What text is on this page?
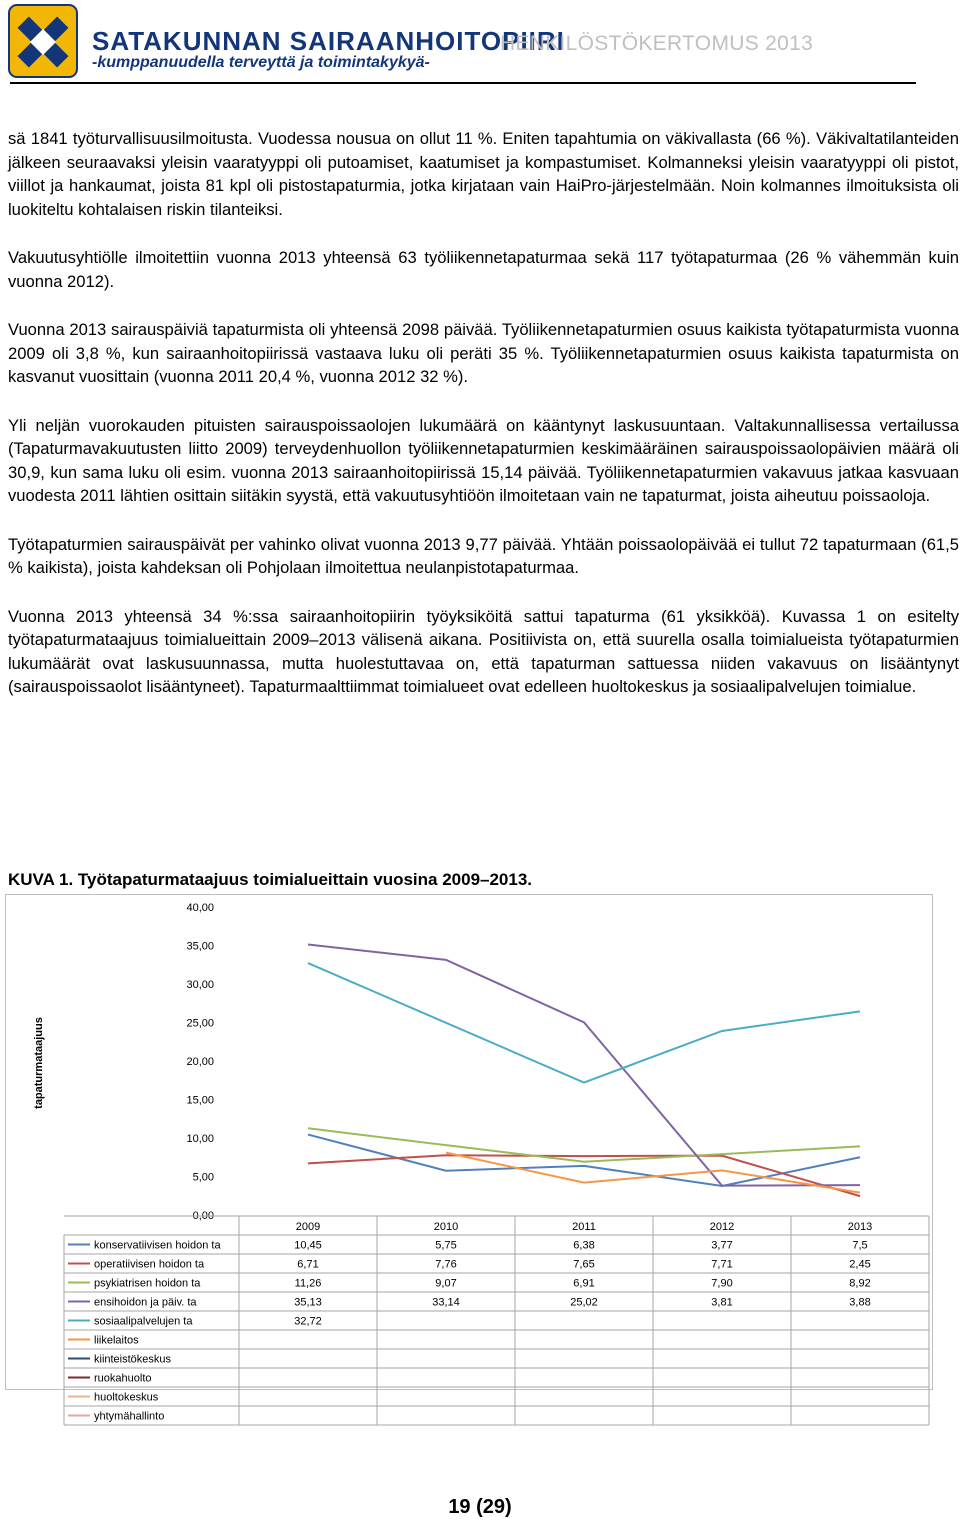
SATAKUNNAN SAIRAANHOITOPIIRI
-kumppanuudella terveyttä ja toimintakykyä-
HENKILÖSTÖKERTOMUS 2013

sä 1841 työturvallisuusilmoitusta. Vuodessa nousua on ollut 11 %. Eniten tapahtumia on väkivallasta (66 %). Väkivaltatilanteiden jälkeen seuraavaksi yleisin vaaratyyppi oli putoamiset, kaatumiset ja kompastumiset. Kolmanneksi yleisin vaaratyyppi oli pistot, viillot ja hankaumat, joista 81 kpl oli pistostapaturmia, jotka kirjataan vain HaiPro-järjestelmään. Noin kolmannes ilmoituksista oli luokiteltu kohtalaisen riskin tilanteiksi.

Vakuutusyhtiölle ilmoitettiin vuonna 2013 yhteensä 63 työliikennetapaturmaa sekä 117 työtapaturmaa (26 % vähemmän kuin vuonna 2012).

Vuonna 2013 sairauspäiviä tapaturmista oli yhteensä 2098 päivää. Työliikennetapaturmien osuus kaikista työtapaturmista vuonna 2009 oli 3,8 %, kun sairaanhoitopiirissä vastaava luku oli peräti 35 %. Työliikennetapaturmien osuus kaikista tapaturmista on kasvanut vuosittain (vuonna 2011 20,4 %, vuonna 2012 32 %).

Yli neljän vuorokauden pituisten sairauspoissaolojen lukumäärä on kääntynyt laskusuuntaan. Valtakunnallisessa vertailussa (Tapaturmavakuutusten liitto 2009) terveydenhuollon työliikennetapaturmien keskimääräinen sairauspoissaolopäivien määrä oli 30,9, kun sama luku oli esim. vuonna 2013 sairaanhoitopiirissä 15,14 päivää. Työliikennetapaturmien vakavuus jatkaa kasvuaan vuodesta 2011 lähtien osittain siitäkin syystä, että vakuutusyhtiöön ilmoitetaan vain ne tapaturmat, joista aiheutuu poissaoloja.

Työtapaturmien sairauspäivät per vahinko olivat vuonna 2013 9,77 päivää. Yhtään poissaolopäivää ei tullut 72 tapaturmaan (61,5 % kaikista), joista kahdeksan oli Pohjolaan ilmoitettua neulanpistotapaturmaa.

Vuonna 2013 yhteensä 34 %:ssa sairaanhoitopiirin työyksiköitä sattui tapaturma (61 yksikköä). Kuvassa 1 on esitelty työtapaturmataajuus toimialueittain 2009–2013 välisenä aikana. Positiivista on, että suurella osalla toimialueista työtapaturmien lukumäärät ovat laskusuunnassa, mutta huolestuttavaa on, että tapaturman sattuessa niiden vakavuus on lisääntynyt (sairauspoissaolot lisääntyneet). Tapaturmaalttiimmat toimialueet ovat edelleen huoltokeskus ja sosiaalipalvelujen toimialue.

KUVA 1. Työtapaturmataajuus toimialueittain vuosina 2009–2013.
0,00
5,00
10,00
15,00
20,00
25,00
30,00
35,00
40,00
tapaturmataajuus
2009	2010	2011	2012	2013
konservatiivisen hoidon ta	10,45	5,75	6,38	3,77	7,5
operatiivisen hoidon ta	6,71	7,76	7,65	7,71	2,45
psykiatrisen hoidon ta	11,26	9,07	6,91	7,90	8,92
ensihoidon ja päiv. ta	35,13	33,14	25,02	3,81	3,88
sosiaalipalvelujen ta	32,72
liikelaitos
kiinteistökeskus
ruokahuolto
huoltokeskus
yhtymähallinto
19 (29)
